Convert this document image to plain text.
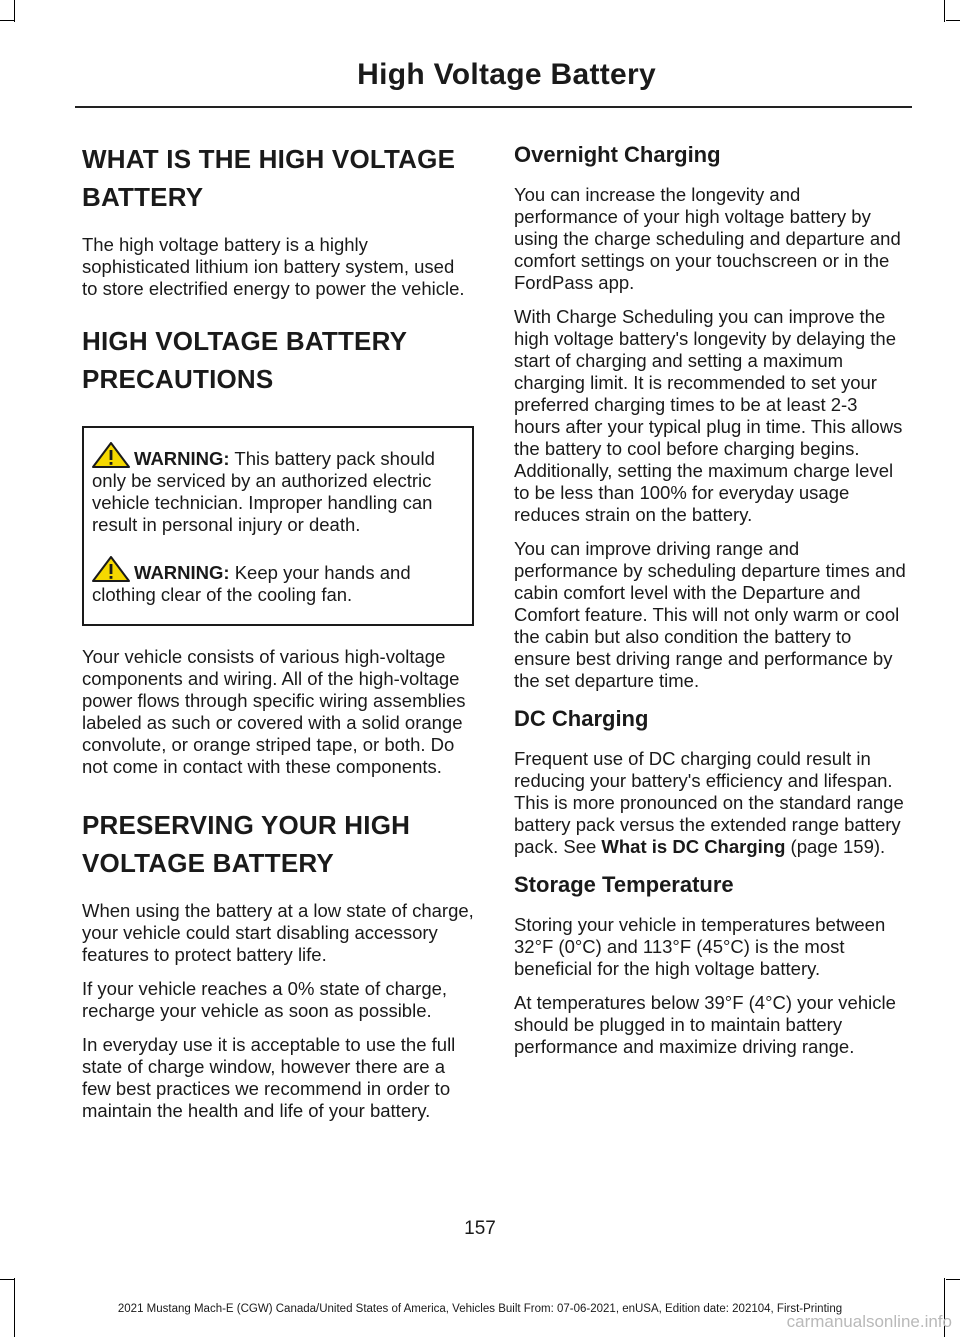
High Voltage Battery
WHAT IS THE HIGH VOLTAGE
BATTERY

The high voltage battery is a highly sophisticated lithium ion battery system, used to store electrified energy to power the vehicle.

HIGH VOLTAGE BATTERY
PRECAUTIONS

WARNING: This battery pack should only be serviced by an authorized electric vehicle technician. Improper handling can result in personal injury or death.

WARNING: Keep your hands and clothing clear of the cooling fan.

Your vehicle consists of various high-voltage components and wiring. All of the high-voltage power flows through specific wiring assemblies labeled as such or covered with a solid orange convolute, or orange striped tape, or both. Do not come in contact with these components.

PRESERVING YOUR HIGH
VOLTAGE BATTERY

When using the battery at a low state of charge, your vehicle could start disabling accessory features to protect battery life.

If your vehicle reaches a 0% state of charge, recharge your vehicle as soon as possible.

In everyday use it is acceptable to use the full state of charge window, however there are a few best practices we recommend in order to maintain the health and life of your battery.

Overnight Charging

You can increase the longevity and performance of your high voltage battery by using the charge scheduling and departure and comfort settings on your touchscreen or in the FordPass app.

With Charge Scheduling you can improve the high voltage battery's longevity by delaying the start of charging and setting a maximum charging limit. It is recommended to set your preferred charging times to be at least 2-3 hours after your typical plug in time. This allows the battery to cool before charging begins. Additionally, setting the maximum charge level to be less than 100% for everyday usage reduces strain on the battery.

You can improve driving range and performance by scheduling departure times and cabin comfort level with the Departure and Comfort feature. This will not only warm or cool the cabin but also condition the battery to ensure best driving range and performance by the set departure time.

DC Charging

Frequent use of DC charging could result in reducing your battery's efficiency and lifespan. This is more pronounced on the standard range battery pack versus the extended range battery pack. See What is DC Charging (page 159).

Storage Temperature

Storing your vehicle in temperatures between 32°F (0°C) and 113°F (45°C) is the most beneficial for the high voltage battery.

At temperatures below 39°F (4°C) your vehicle should be plugged in to maintain battery performance and maximize driving range.

157
2021 Mustang Mach-E (CGW) Canada/United States of America, Vehicles Built From: 07-06-2021, enUSA, Edition date: 202104, First-Printing
carmanualsonline.info
